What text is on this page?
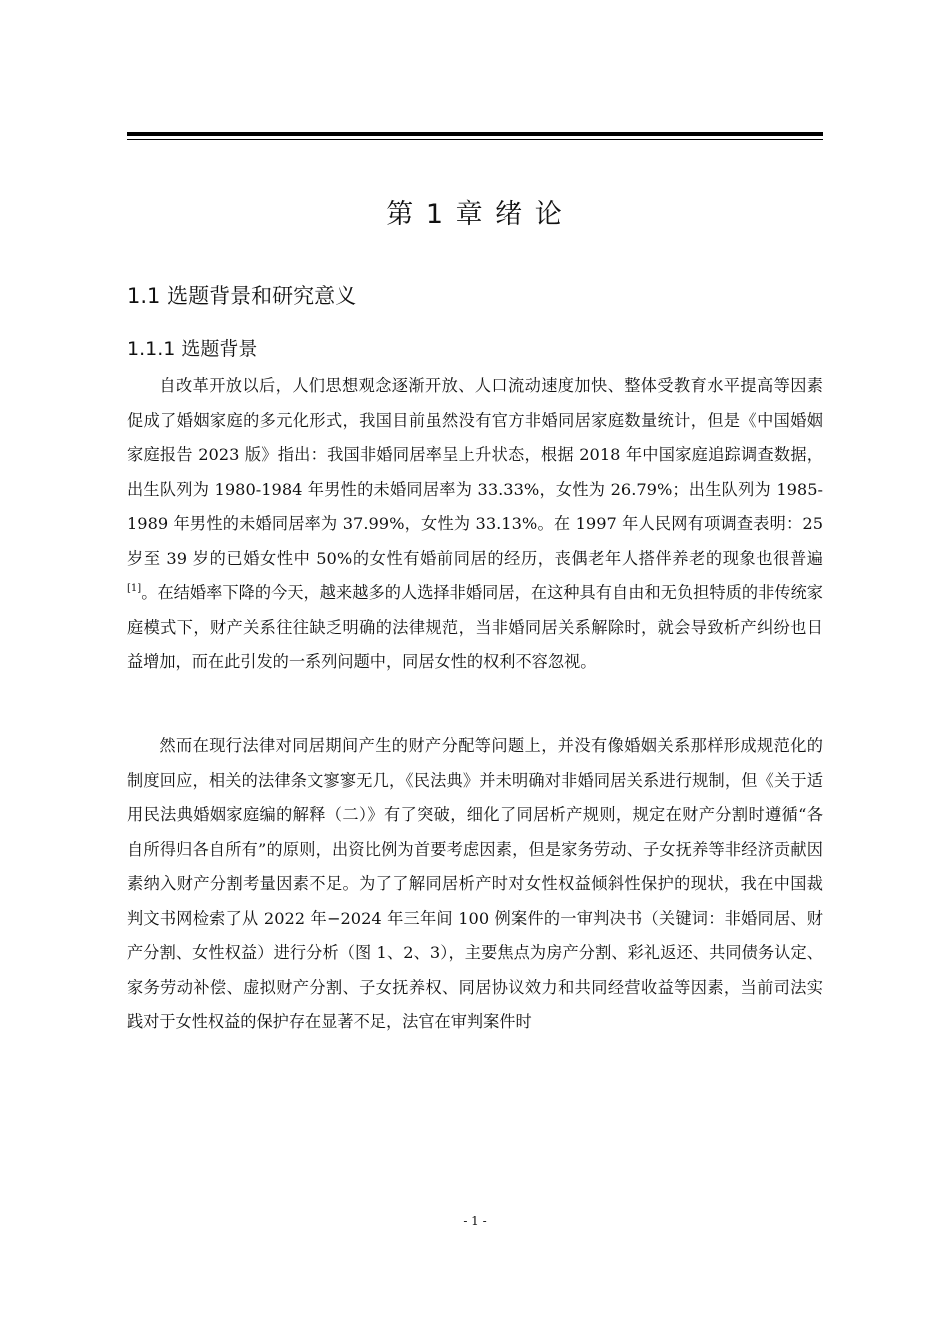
第 1 章 绪 论
1.1 选题背景和研究意义
1.1.1 选题背景

自改革开放以后，人们思想观念逐渐开放、人口流动速度加快、整体受教育水平提高等因素促成了婚姻家庭的多元化形式，我国目前虽然没有官方非婚同居家庭数量统计，但是《中国婚姻家庭报告 2023 版》指出：我国非婚同居率呈上升状态，根据 2018 年中国家庭追踪调查数据，出生队列为 1980-1984 年男性的未婚同居率为 33.33%，女性为 26.79%；出生队列为 1985-1989 年男性的未婚同居率为 37.99%，女性为 33.13%。在 1997 年人民网有项调查表明：25 岁至 39 岁的已婚女性中 50%的女性有婚前同居的经历，丧偶老年人搭伴养老的现象也很普遍[1]。在结婚率下降的今天，越来越多的人选择非婚同居，在这种具有自由和无负担特质的非传统家庭模式下，财产关系往往缺乏明确的法律规范，当非婚同居关系解除时，就会导致析产纠纷也日益增加，而在此引发的一系列问题中，同居女性的权利不容忽视。

然而在现行法律对同居期间产生的财产分配等问题上，并没有像婚姻关系那样形成规范化的制度回应，相关的法律条文寥寥无几，《民法典》并未明确对非婚同居关系进行规制，但《关于适用民法典婚姻家庭编的解释（二）》有了突破，细化了同居析产规则，规定在财产分割时遵循“各自所得归各自所有”的原则，出资比例为首要考虑因素，但是家务劳动、子女抚养等非经济贡献因素纳入财产分割考量因素不足。为了了解同居析产时对女性权益倾斜性保护的现状，我在中国裁判文书网检索了从 2022 年−2024 年三年间 100 例案件的一审判决书（关键词：非婚同居、财产分割、女性权益）进行分析（图 1、2、3），主要焦点为房产分割、彩礼返还、共同债务认定、家务劳动补偿、虚拟财产分割、子女抚养权、同居协议效力和共同经营收益等因素，当前司法实践对于女性权益的保护存在显著不足，法官在审判案件时

- 1 -
